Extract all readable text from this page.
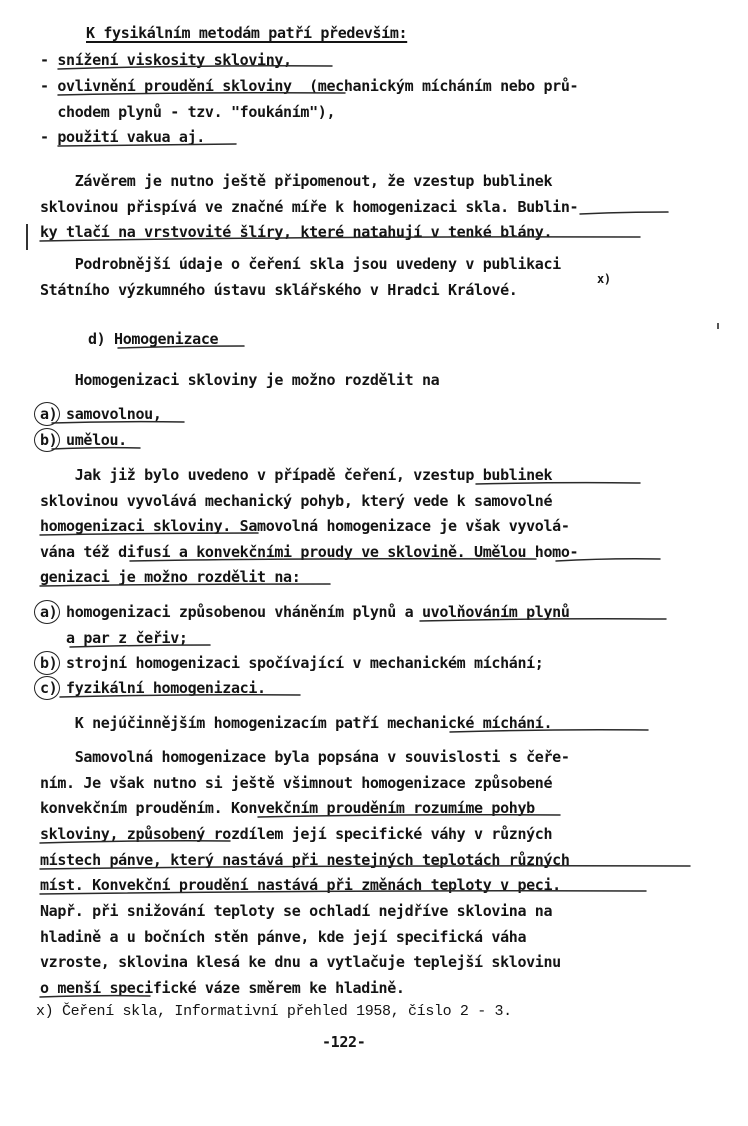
K fysikálním metodám patří především:
- snížení viskosity skloviny,
- ovlivnění proudění skloviny  (mechanickým mícháním nebo prů-
chodem plynů - tzv. "foukáním"),
- použití vakua aj.
Závěrem je nutno ještě připomenout, že vzestup bublinek
sklovinou přispívá ve značné míře k homogenizaci skla. Bublin-
ky tlačí na vrstvovité šlíry, které natahují v tenké blány.
Podrobnější údaje o čeření skla jsou uvedeny v publikaci
Státního výzkumného ústavu sklářského v Hradci Králové.
x)
d) Homogenizace
Homogenizaci skloviny je možno rozdělit na
a) samovolnou,
b) umělou.
Jak již bylo uvedeno v případě čeření, vzestup bublinek
sklovinou vyvolává mechanický pohyb, který vede k samovolné
homogenizaci skloviny. Samovolná homogenizace je však vyvolá-
vána též difusí a konvekčními proudy ve sklovině. Umělou homo-
genizaci je možno rozdělit na:
a) homogenizaci způsobenou vháněním plynů a uvolňováním plynů
a par z čeřiv;
b) strojní homogenizaci spočívající v mechanickém míchání;
c) fyzikální homogenizaci.
K nejúčinnějším homogenizacím patří mechanické míchání.
Samovolná homogenizace byla popsána v souvislosti s čeře-
ním. Je však nutno si ještě všimnout homogenizace způsobené
konvekčním prouděním. Konvekčním prouděním rozumíme pohyb
skloviny, způsobený rozdílem její specifické váhy v různých
místech pánve, který nastává při nestejných teplotách různých
míst. Konvekční proudění nastává při změnách teploty v peci.
Např. při snižování teploty se ochladí nejdříve sklovina na
hladině a u bočních stěn pánve, kde její specifická váha
vzroste, sklovina klesá ke dnu a vytlačuje teplejší sklovinu
o menší specifické váze směrem ke hladině.
x) Čeření skla, Informativní přehled 1958, číslo 2 - 3.
-122-
